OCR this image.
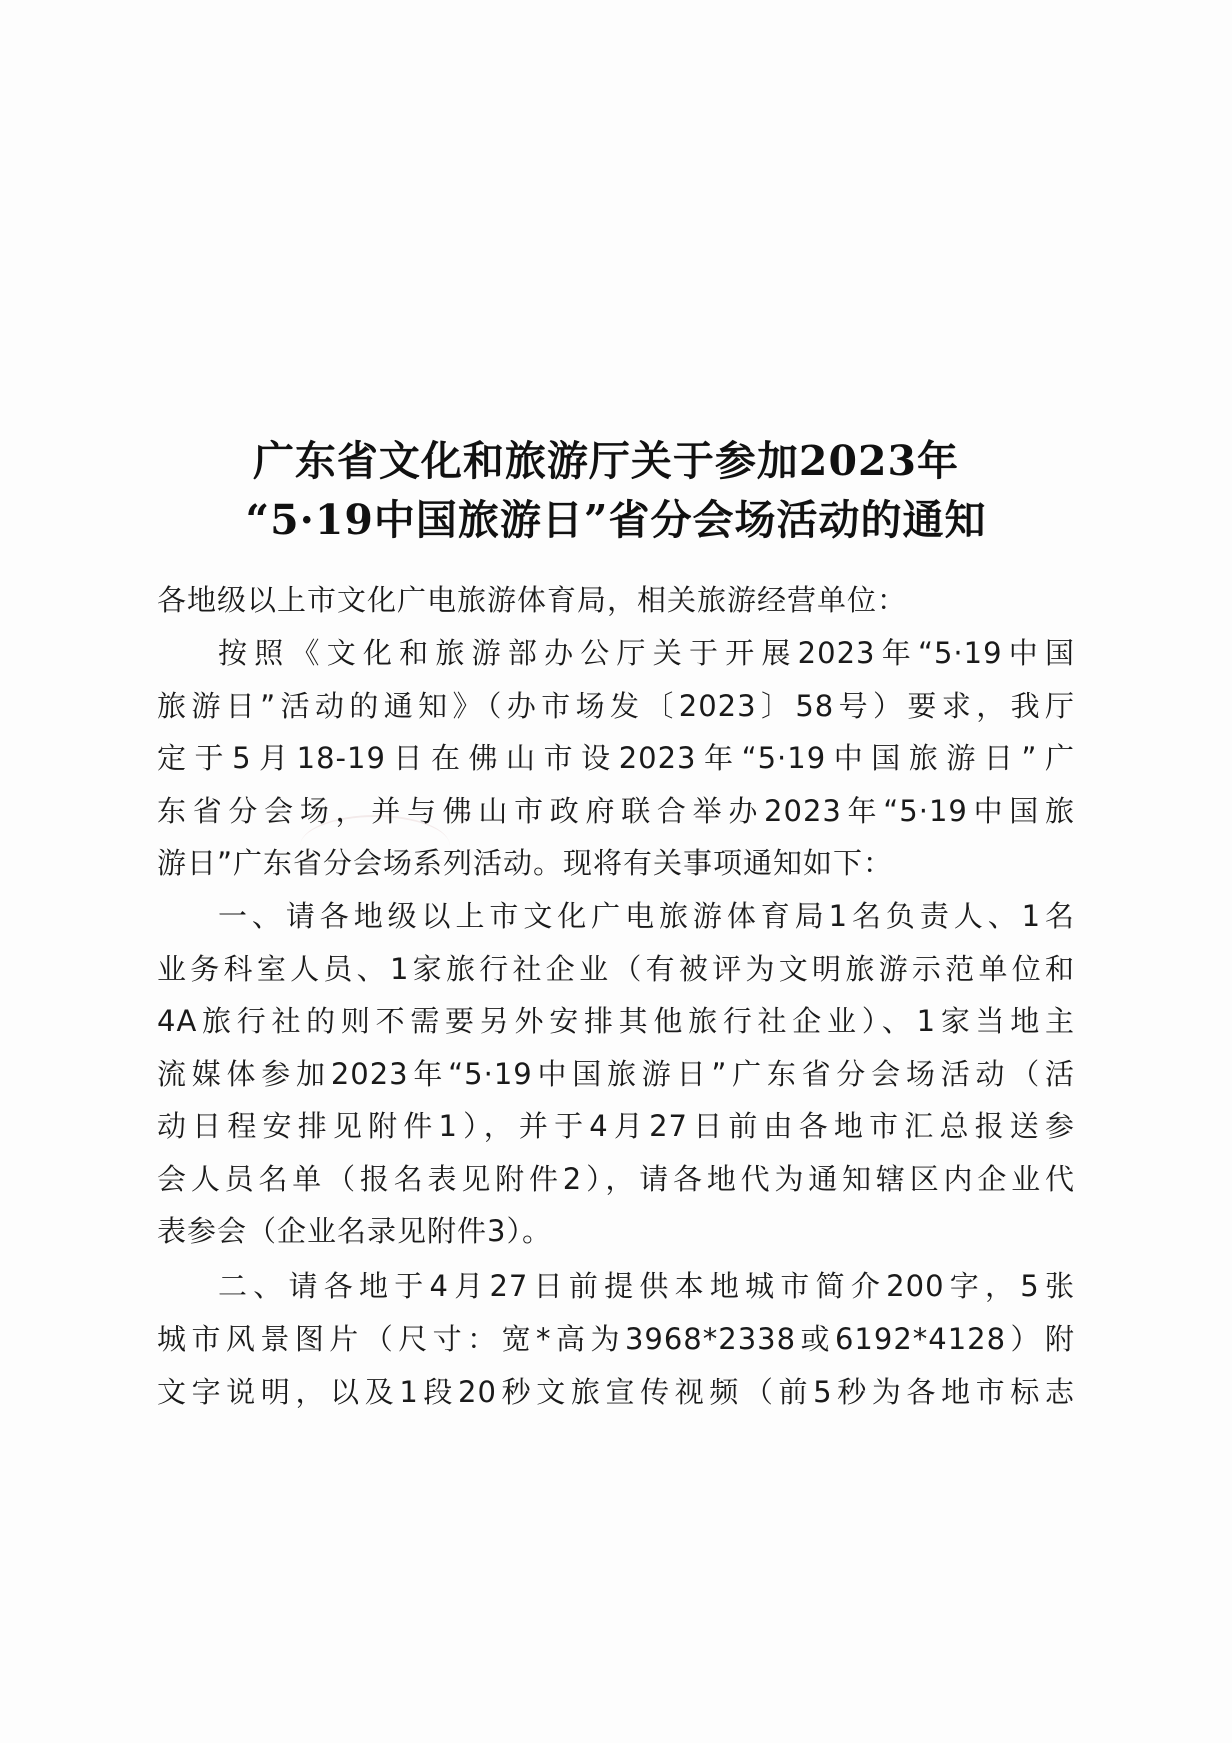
广东省文化和旅游厅关于参加2023年
“5·19中国旅游日”省分会场活动的通知
各地级以上市文化广电旅游体育局，相关旅游经营单位：
按照《文化和旅游部办公厅关于开展2023年“5·19中国
旅游日”活动的通知》（办市场发〔2023〕58号）要求，我厅
定于5月18-19日在佛山市设2023年“5·19中国旅游日”广
东省分会场，并与佛山市政府联合举办2023年“5·19中国旅
游日”广东省分会场系列活动。现将有关事项通知如下：
一、请各地级以上市文化广电旅游体育局1名负责人、1名
业务科室人员、1家旅行社企业（有被评为文明旅游示范单位和
4A旅行社的则不需要另外安排其他旅行社企业）、1家当地主
流媒体参加2023年“5·19中国旅游日”广东省分会场活动（活
动日程安排见附件1），并于4月27日前由各地市汇总报送参
会人员名单（报名表见附件2），请各地代为通知辖区内企业代
表参会（企业名录见附件3）。
二、请各地于4月27日前提供本地城市简介200字，5张
城市风景图片（尺寸：宽*高为3968*2338或6192*4128）附
文字说明，以及1段20秒文旅宣传视频（前5秒为各地市标志
